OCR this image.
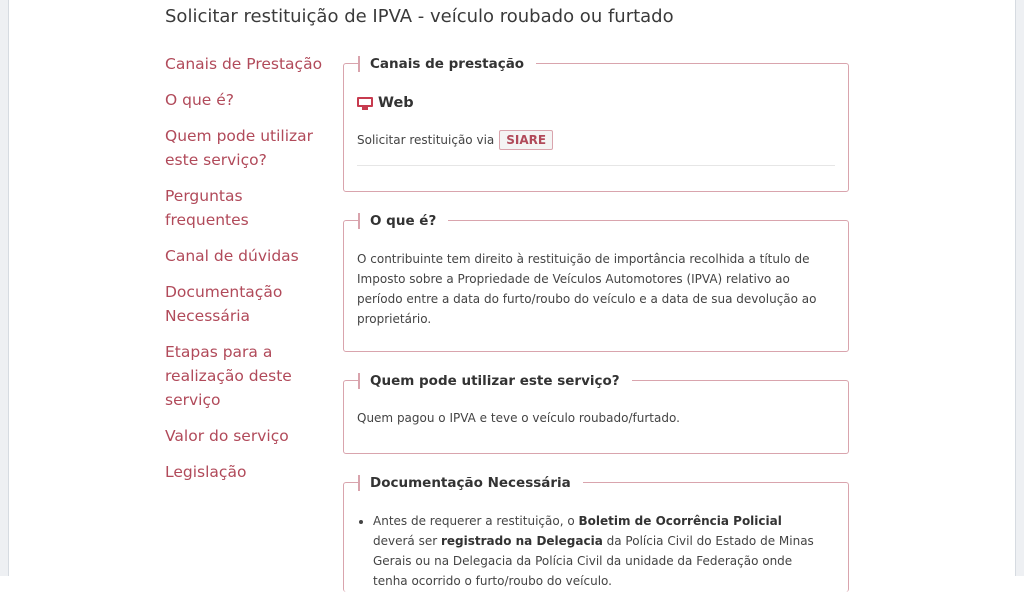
Solicitar restituição de IPVA - veículo roubado ou furtado
Canais de Prestação
O que é?
Quem pode utilizar este serviço?
Perguntas frequentes
Canal de dúvidas
Documentação Necessária
Etapas para a realização deste serviço
Valor do serviço
Legislação
Canais de prestação
Web
Solicitar restituição via	SIARE
O que é?
O contribuinte tem direito à restituição de importância recolhida a título de Imposto sobre a Propriedade de Veículos Automotores (IPVA) relativo ao período entre a data do furto/roubo do veículo e a data de sua devolução ao proprietário.
Quem pode utilizar este serviço?
Quem pagou o IPVA e teve o veículo roubado/furtado.
Documentação Necessária
• Antes de requerer a restituição, o Boletim de Ocorrência Policial deverá ser registrado na Delegacia da Polícia Civil do Estado de Minas Gerais ou na Delegacia da Polícia Civil da unidade da Federação onde tenha ocorrido o furto/roubo do veículo.
